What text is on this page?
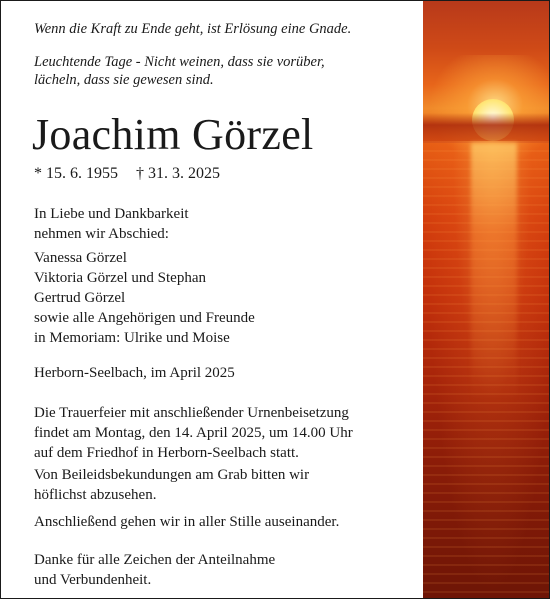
Wenn die Kraft zu Ende geht, ist Erlösung eine Gnade.

Leuchtende Tage - Nicht weinen, dass sie vorüber,
lächeln, dass sie gewesen sind.

Joachim Görzel
* 15. 6. 1955 † 31. 3. 2025

In Liebe und Dankbarkeit
nehmen wir Abschied:

Vanessa Görzel
Viktoria Görzel und Stephan
Gertrud Görzel
sowie alle Angehörigen und Freunde
in Memoriam: Ulrike und Moise

Herborn-Seelbach, im April 2025

Die Trauerfeier mit anschließender Urnenbeisetzung
findet am Montag, den 14. April 2025, um 14.00 Uhr
auf dem Friedhof in Herborn-Seelbach statt.

Von Beileidsbekundungen am Grab bitten wir
höflichst abzusehen.

Anschließend gehen wir in aller Stille auseinander.

Danke für alle Zeichen der Anteilnahme
und Verbundenheit.
